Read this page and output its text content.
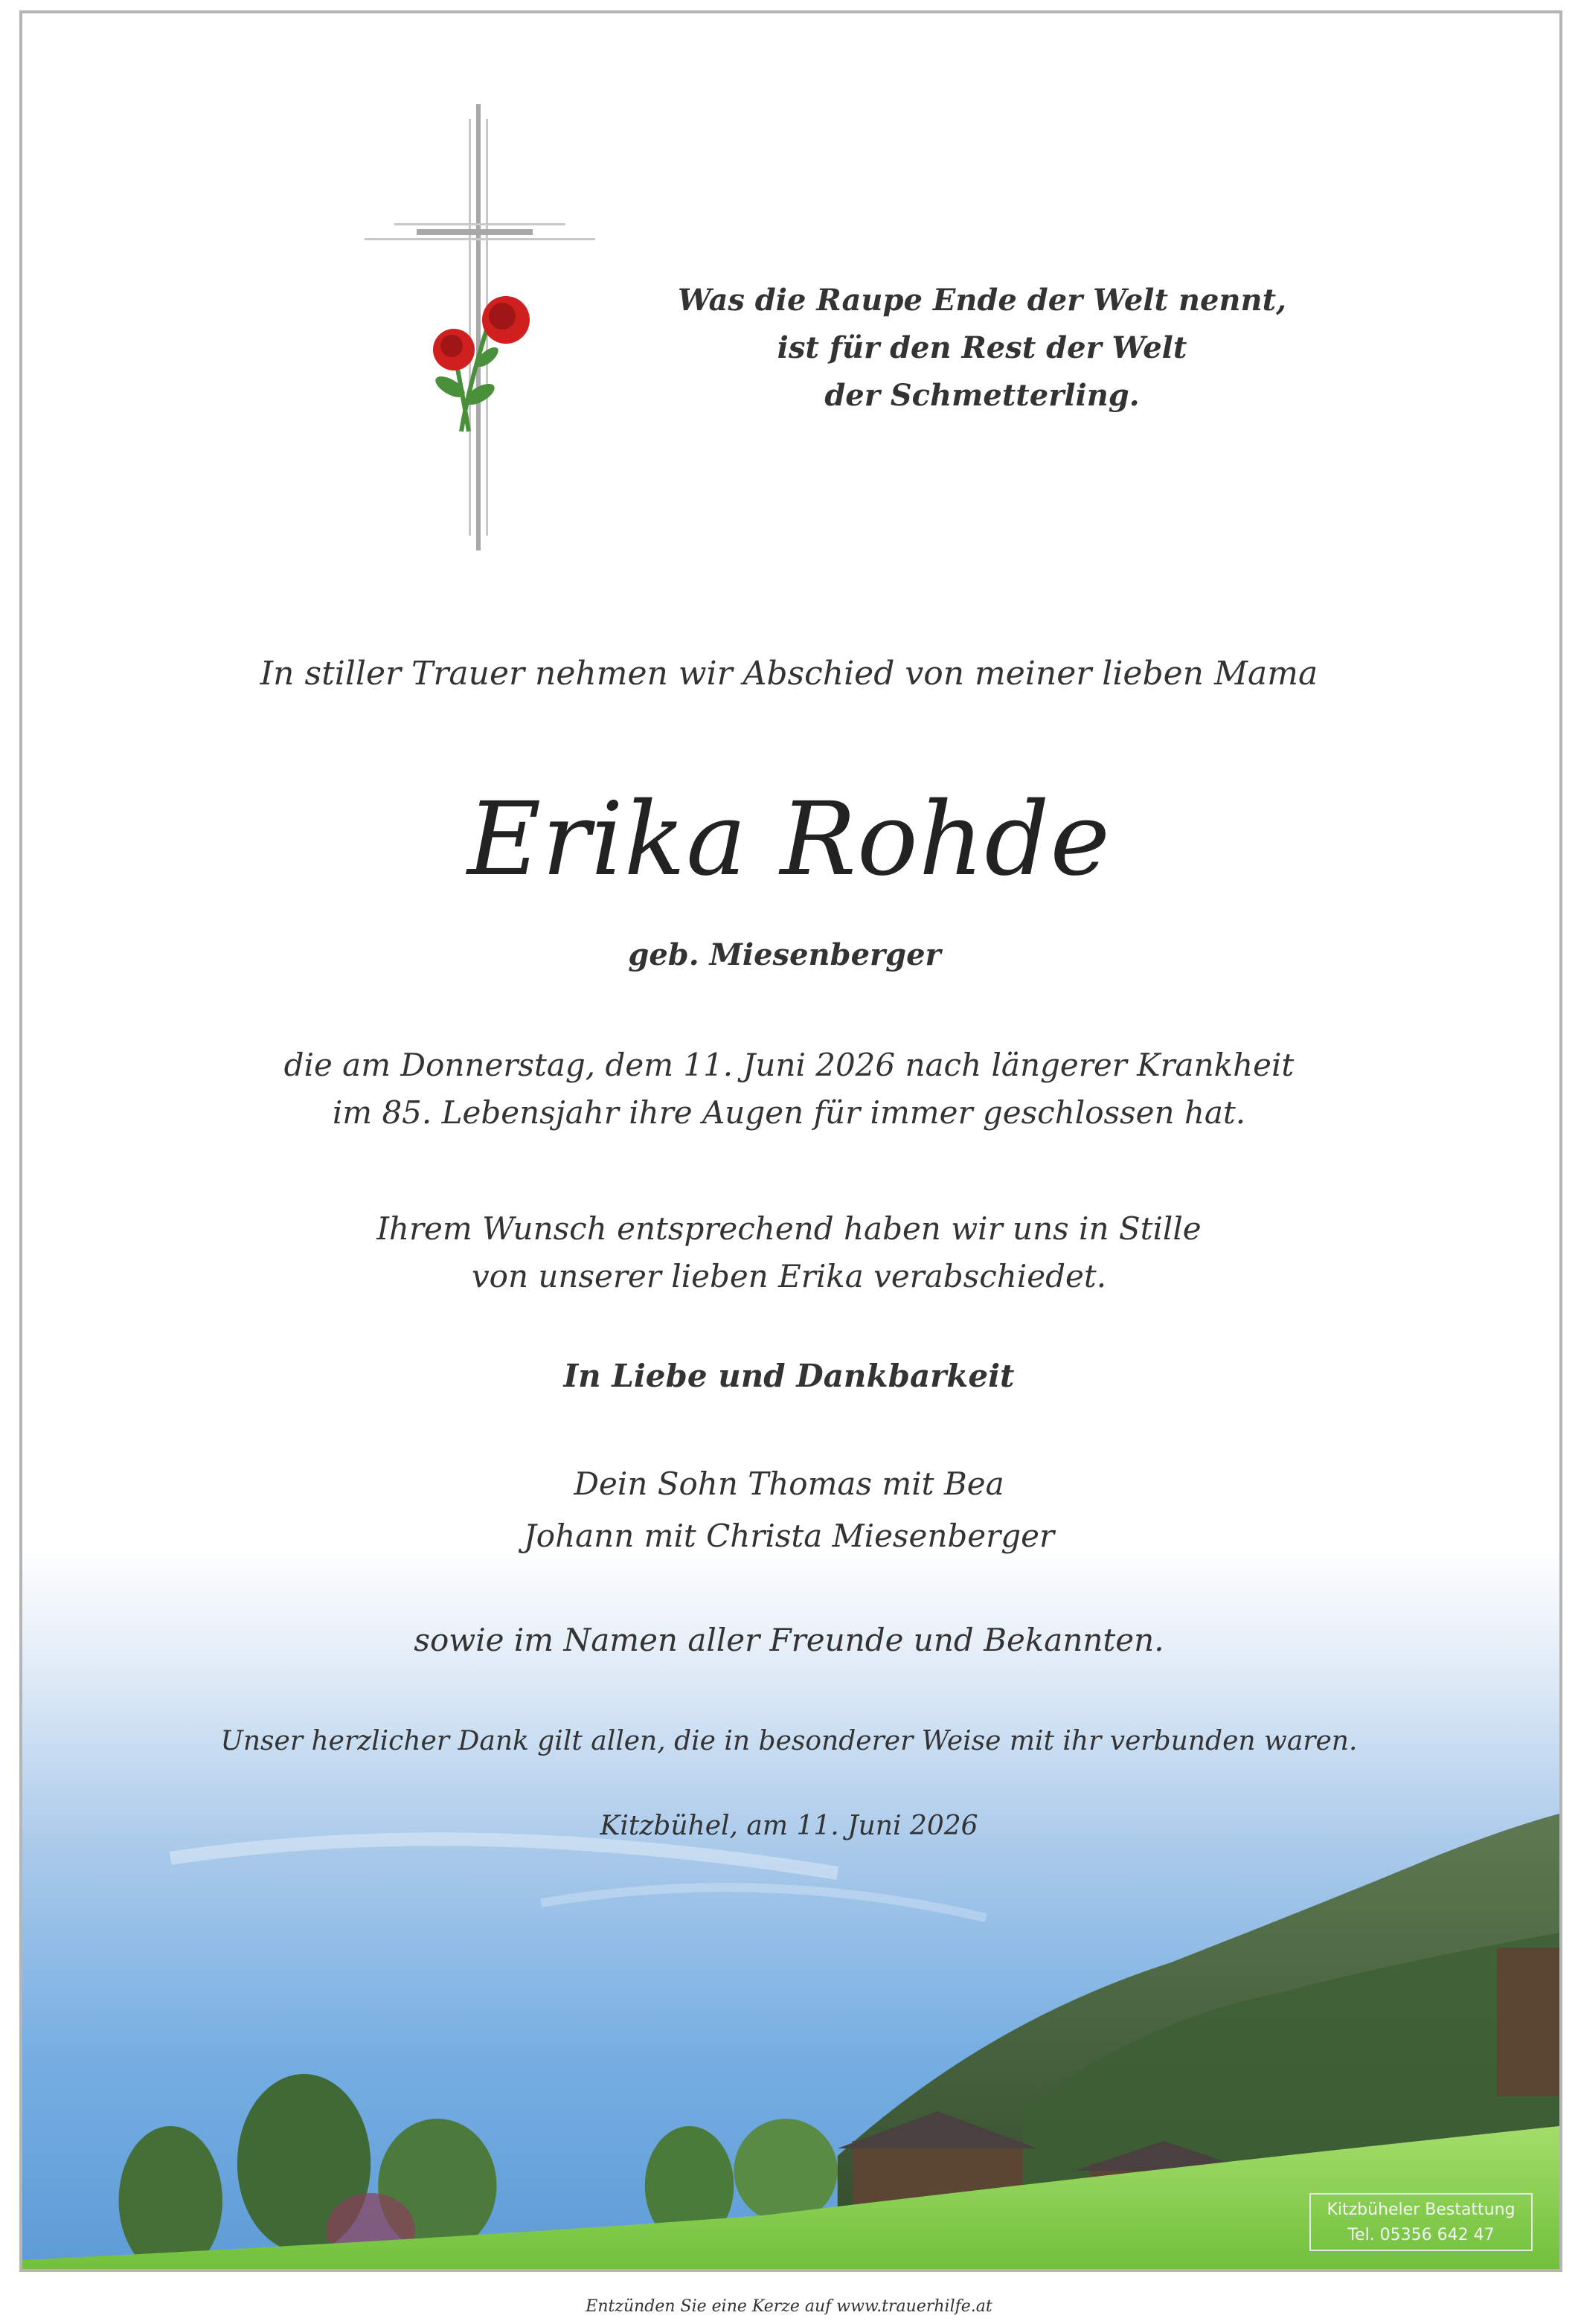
Was die Raupe Ende der Welt nennt,
ist für den Rest der Welt
der Schmetterling.
In stiller Trauer nehmen wir Abschied von meiner lieben Mama
Erika Rohde
geb. Miesenberger
die am Donnerstag, dem 11. Juni 2026 nach längerer Krankheit
im 85. Lebensjahr ihre Augen für immer geschlossen hat.
Ihrem Wunsch entsprechend haben wir uns in Stille
von unserer lieben Erika verabschiedet.
In Liebe und Dankbarkeit
Dein Sohn Thomas mit Bea
Johann mit Christa Miesenberger
sowie im Namen aller Freunde und Bekannten.
Unser herzlicher Dank gilt allen, die in besonderer Weise mit ihr verbunden waren.
Kitzbühel, am 11. Juni 2026
Kitzbüheler Bestattung
Tel. 05356 642 47
Entzünden Sie eine Kerze auf www.trauerhilfe.at
